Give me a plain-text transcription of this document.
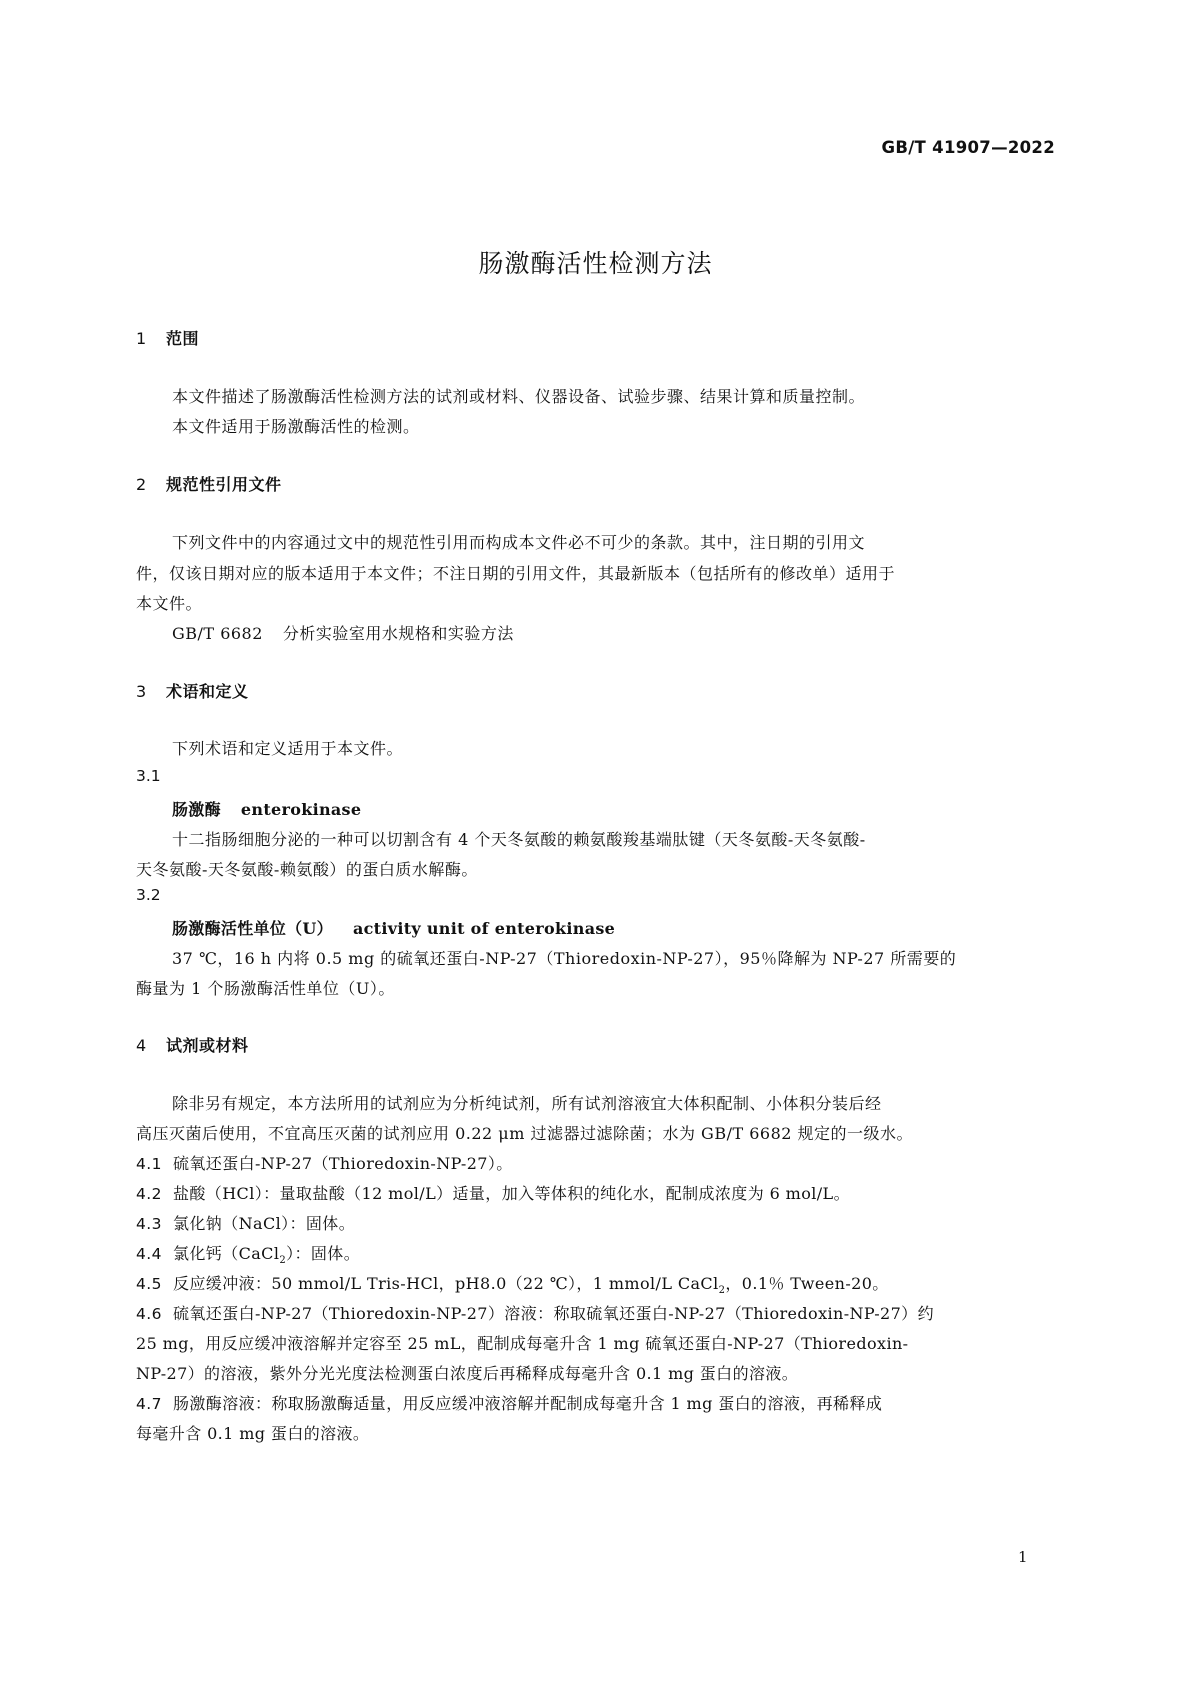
GB/T 41907—2022
肠激酶活性检测方法
1 范围
本文件描述了肠激酶活性检测方法的试剂或材料、仪器设备、试验步骤、结果计算和质量控制。
本文件适用于肠激酶活性的检测。
2 规范性引用文件
下列文件中的内容通过文中的规范性引用而构成本文件必不可少的条款。其中，注日期的引用文
件，仅该日期对应的版本适用于本文件；不注日期的引用文件，其最新版本（包括所有的修改单）适用于
本文件。
GB/T 6682 分析实验室用水规格和实验方法
3 术语和定义
下列术语和定义适用于本文件。
3.1
肠激酶 enterokinase
十二指肠细胞分泌的一种可以切割含有 4 个天冬氨酸的赖氨酸羧基端肽键（天冬氨酸-天冬氨酸-
天冬氨酸-天冬氨酸-赖氨酸）的蛋白质水解酶。
3.2
肠激酶活性单位（U） activity unit of enterokinase
37 ℃，16 h 内将 0.5 mg 的硫氧还蛋白-NP-27（Thioredoxin-NP-27），95％降解为 NP-27 所需要的
酶量为 1 个肠激酶活性单位（U）。
4 试剂或材料
除非另有规定，本方法所用的试剂应为分析纯试剂，所有试剂溶液宜大体积配制、小体积分装后经
高压灭菌后使用，不宜高压灭菌的试剂应用 0.22 μm 过滤器过滤除菌；水为 GB/T 6682 规定的一级水。
4.1 硫氧还蛋白-NP-27（Thioredoxin-NP-27）。
4.2 盐酸（HCl）：量取盐酸（12 mol/L）适量，加入等体积的纯化水，配制成浓度为 6 mol/L。
4.3 氯化钠（NaCl）：固体。
4.4 氯化钙（CaCl$_2$）：固体。
4.5 反应缓冲液：50 mmol/L Tris-HCl，pH8.0（22 ℃），1 mmol/L CaCl$_2$，0.1％ Tween-20。
4.6 硫氧还蛋白-NP-27（Thioredoxin-NP-27）溶液：称取硫氧还蛋白-NP-27（Thioredoxin-NP-27）约
25 mg，用反应缓冲液溶解并定容至 25 mL，配制成每毫升含 1 mg 硫氧还蛋白-NP-27（Thioredoxin-
NP-27）的溶液，紫外分光光度法检测蛋白浓度后再稀释成每毫升含 0.1 mg 蛋白的溶液。
4.7 肠激酶溶液：称取肠激酶适量，用反应缓冲液溶解并配制成每毫升含 1 mg 蛋白的溶液，再稀释成
每毫升含 0.1 mg 蛋白的溶液。
1
